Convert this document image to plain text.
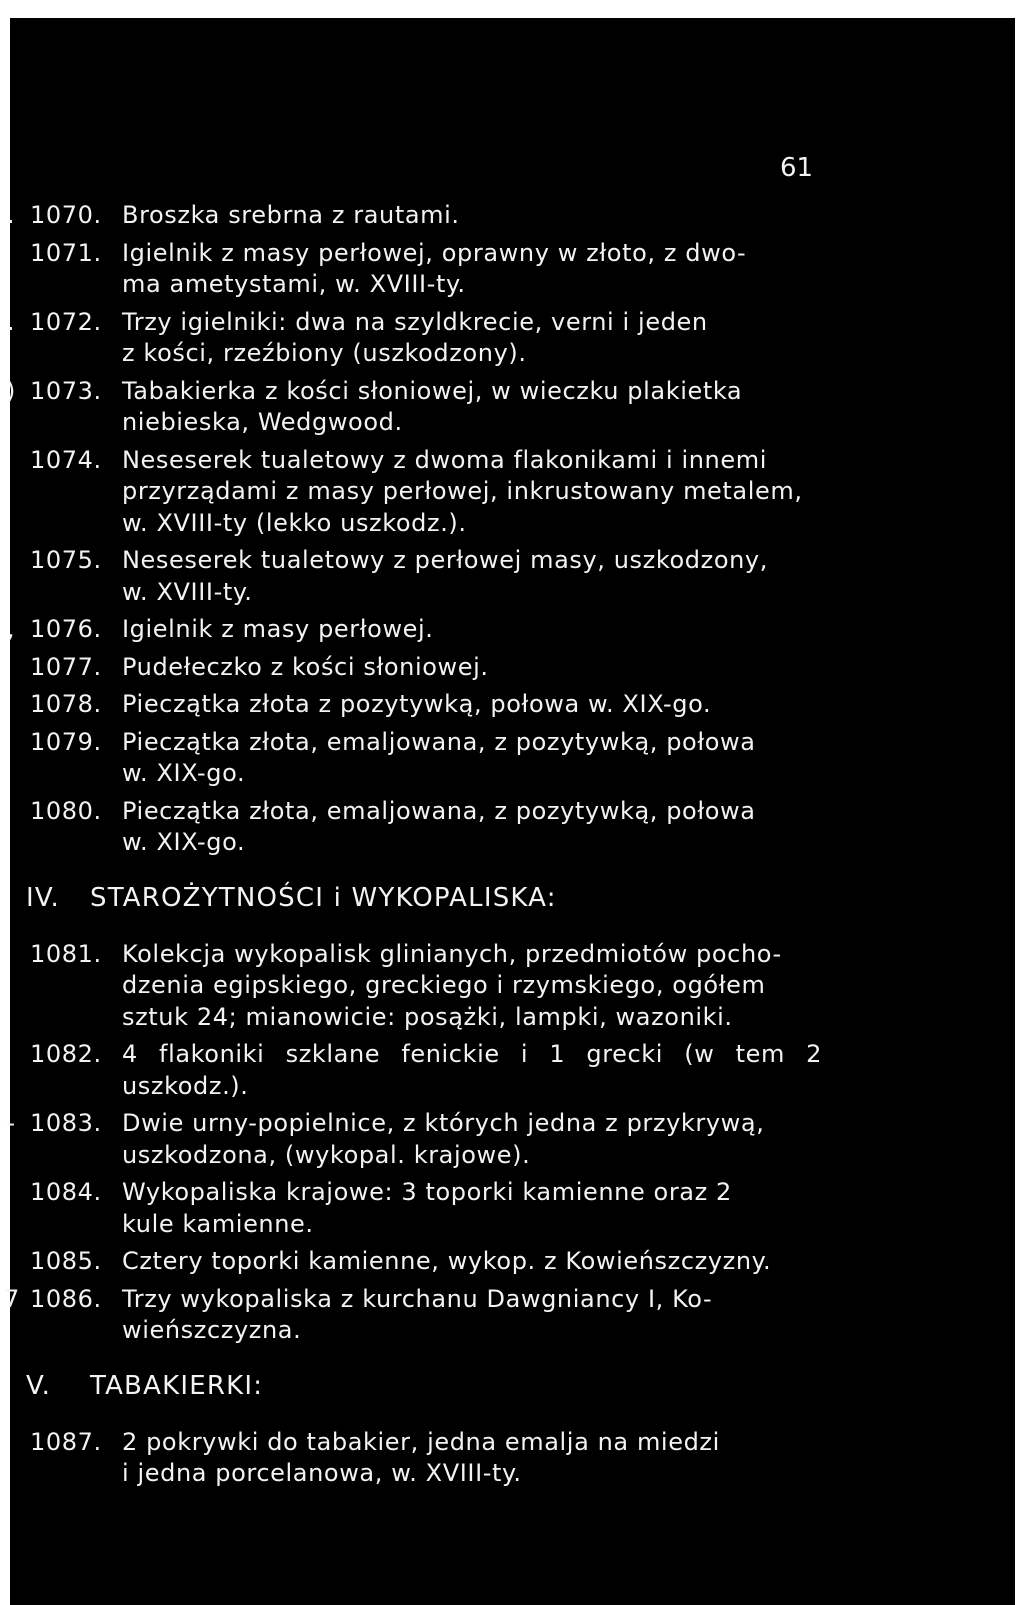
61
. 1070. Broszka srebrna z rautami.
1071. Igielnik z masy perłowej, oprawny w złoto, z dwo-
ma ametystami, w. XVIII-ty.
. 1072. Trzy igielniki: dwa na szyldkrecie, verni i jeden
z kości, rzeźbiony (uszkodzony).
) 1073. Tabakierka z kości słoniowej, w wieczku plakietka
niebieska, Wedgwood.
1074. Neseserek tualetowy z dwoma flakonikami i innemi
przyrządami z masy perłowej, inkrustowany metalem,
w. XVIII-ty (lekko uszkodz.).
1075. Neseserek tualetowy z perłowej masy, uszkodzony,
w. XVIII-ty.
, 1076. Igielnik z masy perłowej.
1077. Pudełeczko z kości słoniowej.
1078. Pieczątka złota z pozytywką, połowa w. XIX-go.
1079. Pieczątka złota, emaljowana, z pozytywką, połowa
w. XIX-go.
1080. Pieczątka złota, emaljowana, z pozytywką, połowa
w. XIX-go.
IV. STAROŻYTNOŚCI i WYKOPALISKA:
1081. Kolekcja wykopalisk glinianych, przedmiotów pocho-
dzenia egipskiego, greckiego i rzymskiego, ogółem
sztuk 24; mianowicie: posążki, lampki, wazoniki.
1082. 4 flakoniki szklane fenickie i 1 grecki (w tem 2 uszkodz.).
- 1083. Dwie urny-popielnice, z których jedna z przykrywą,
uszkodzona, (wykopal. krajowe).
1084. Wykopaliska krajowe: 3 toporki kamienne oraz 2
kule kamienne.
1085. Cztery toporki kamienne, wykop. z Kowieńszczyzny.
7 1086. Trzy wykopaliska z kurchanu Dawgniancy I, Ko-
wieńszczyzna.
V. TABAKIERKI:
1087. 2 pokrywki do tabakier, jedna emalja na miedzi
i jedna porcelanowa, w. XVIII-ty.
